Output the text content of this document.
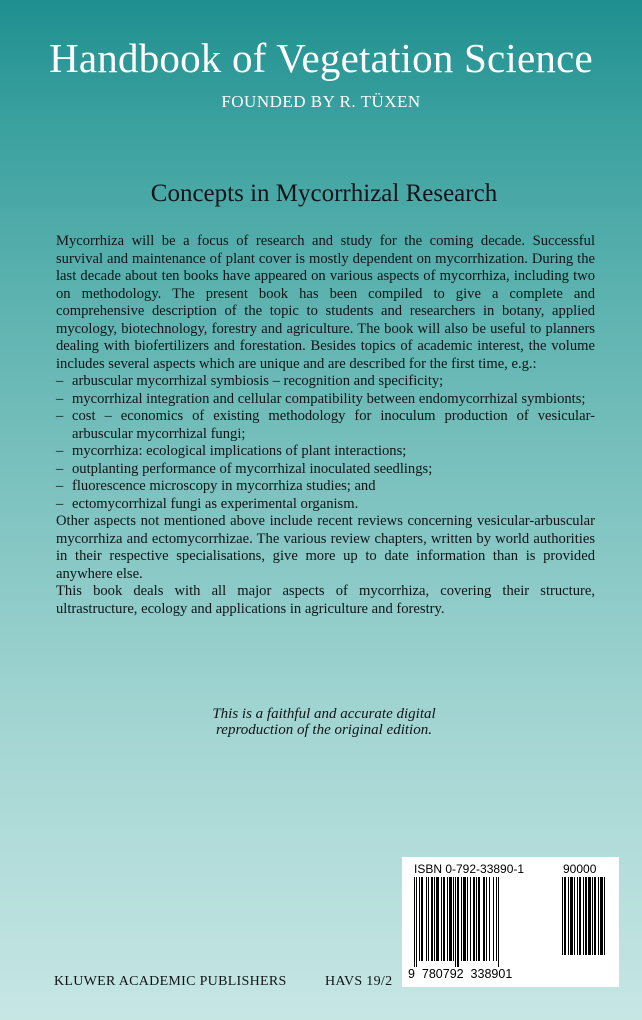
Handbook of Vegetation Science
FOUNDED BY R. TÜXEN
Concepts in Mycorrhizal Research

Mycorrhiza will be a focus of research and study for the coming decade. Successful survival and maintenance of plant cover is mostly dependent on mycorrhization. During the last decade about ten books have appeared on various aspects of mycorrhiza, including two on methodology. The present book has been compiled to give a complete and comprehensive description of the topic to students and researchers in botany, applied mycology, biotechnology, forestry and agriculture. The book will also be useful to planners dealing with biofertilizers and forestation. Besides topics of academic interest, the volume includes several aspects which are unique and are described for the first time, e.g.:

– arbuscular mycorrhizal symbiosis – recognition and specificity;
– mycorrhizal integration and cellular compatibility between endomycorrhizal symbionts;
– cost – economics of existing methodology for inoculum production of vesicular-arbuscular mycorrhizal fungi;
– mycorrhiza: ecological implications of plant interactions;
– outplanting performance of mycorrhizal inoculated seedlings;
– fluorescence microscopy in mycorrhiza studies; and
– ectomycorrhizal fungi as experimental organism.

Other aspects not mentioned above include recent reviews concerning vesicular-arbuscular mycorrhiza and ectomycorrhizae. The various review chapters, written by world authorities in their respective specialisations, give more up to date information than is provided anywhere else.

This book deals with all major aspects of mycorrhiza, covering their structure, ultrastructure, ecology and applications in agriculture and forestry.

This is a faithful and accurate digital
reproduction of the original edition.
ISBN 0-792-33890-1	90000
9  780792  338901
KLUWER ACADEMIC PUBLISHERS	HAVS 19/2
